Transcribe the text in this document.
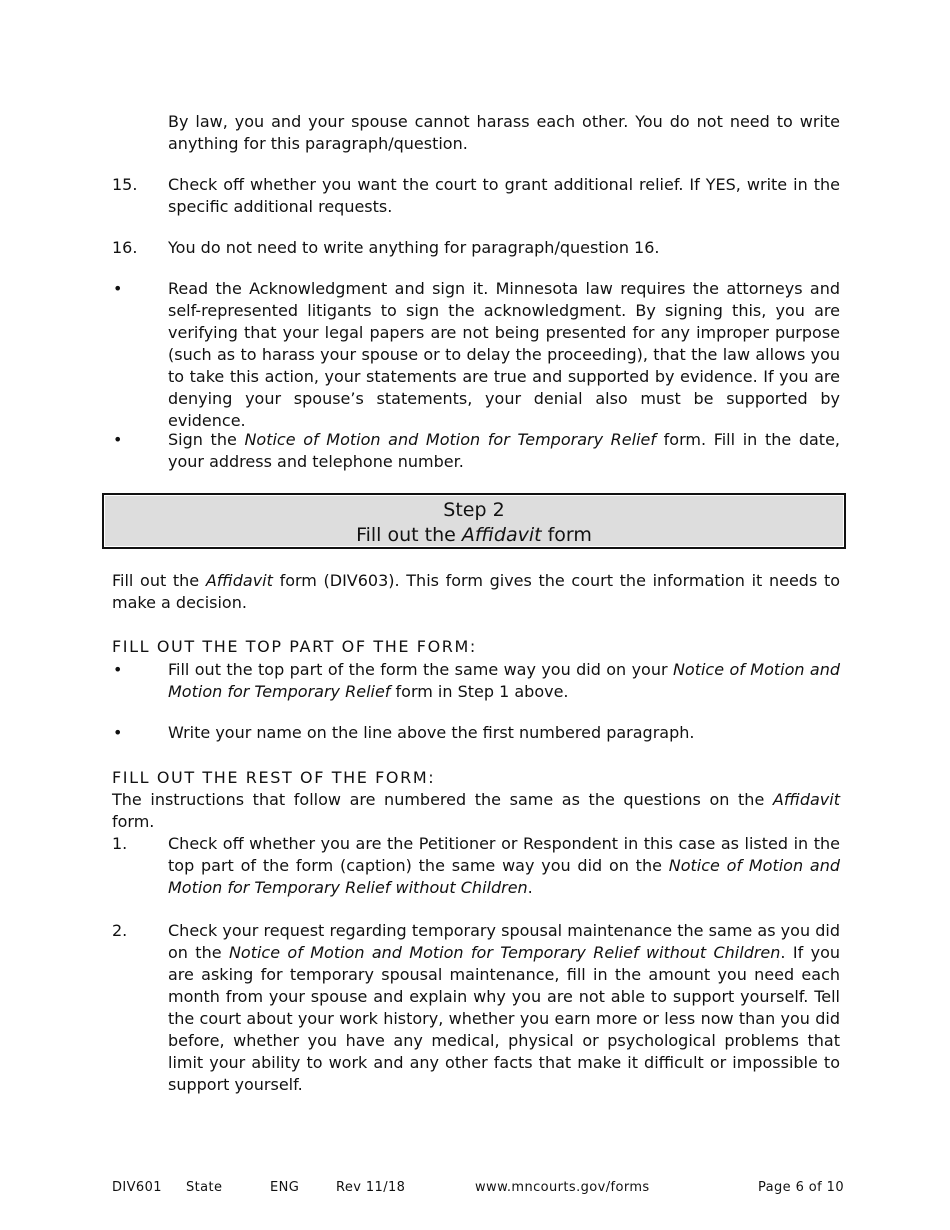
By law, you and your spouse cannot harass each other. You do not need to write anything for this paragraph/question.
15. Check off whether you want the court to grant additional relief. If YES, write in the specific additional requests.
16. You do not need to write anything for paragraph/question 16.
•	Read the Acknowledgment and sign it. Minnesota law requires the attorneys and self-represented litigants to sign the acknowledgment. By signing this, you are verifying that your legal papers are not being presented for any improper purpose (such as to harass your spouse or to delay the proceeding), that the law allows you to take this action, your statements are true and supported by evidence. If you are denying your spouse’s statements, your denial also must be supported by evidence.
•	Sign the Notice of Motion and Motion for Temporary Relief form. Fill in the date, your address and telephone number.
Step 2
Fill out the Affidavit form
Fill out the Affidavit form (DIV603). This form gives the court the information it needs to make a decision.
FILL OUT THE TOP PART OF THE FORM:
•	Fill out the top part of the form the same way you did on your Notice of Motion and Motion for Temporary Relief form in Step 1 above.
•	Write your name on the line above the first numbered paragraph.
FILL OUT THE REST OF THE FORM:
The instructions that follow are numbered the same as the questions on the Affidavit form.
1.	Check off whether you are the Petitioner or Respondent in this case as listed in the top part of the form (caption) the same way you did on the Notice of Motion and Motion for Temporary Relief without Children.
2.	Check your request regarding temporary spousal maintenance the same as you did on the Notice of Motion and Motion for Temporary Relief without Children. If you are asking for temporary spousal maintenance, fill in the amount you need each month from your spouse and explain why you are not able to support yourself. Tell the court about your work history, whether you earn more or less now than you did before, whether you have any medical, physical or psychological problems that limit your ability to work and any other facts that make it difficult or impossible to support yourself.
DIV601 State	ENG	Rev 11/18	www.mncourts.gov/forms	Page 6 of 10
